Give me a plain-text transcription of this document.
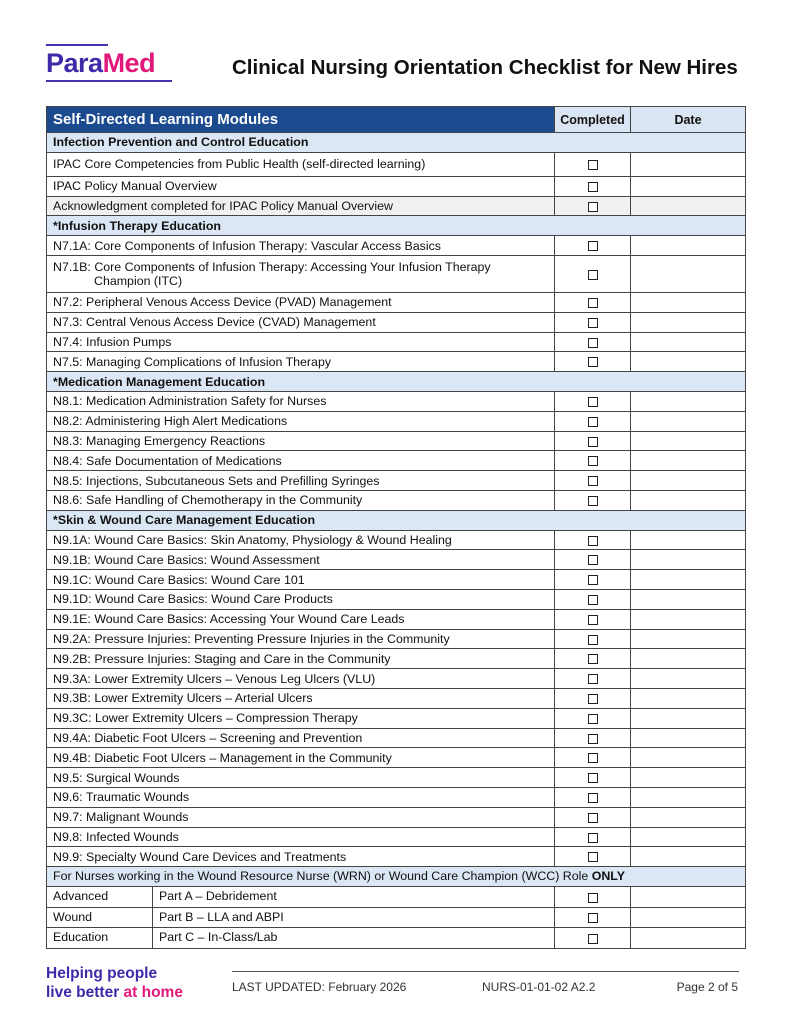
ParaMed	Clinical Nursing Orientation Checklist for New Hires
Self-Directed Learning Modules	Completed	Date
Infection Prevention and Control Education		
IPAC Core Competencies from Public Health (self-directed learning)		
IPAC Policy Manual Overview		
Acknowledgment completed for IPAC Policy Manual Overview		
*Infusion Therapy Education		
N7.1A: Core Components of Infusion Therapy: Vascular Access Basics		
N7.1B: Core Components of Infusion Therapy: Accessing Your Infusion Therapy
Champion (ITC)		

N7.2: Peripheral Venous Access Device (PVAD) Management		
N7.3: Central Venous Access Device (CVAD) Management		
N7.4: Infusion Pumps		
N7.5: Managing Complications of Infusion Therapy		
*Medication Management Education		
N8.1: Medication Administration Safety for Nurses		
N8.2: Administering High Alert Medications		
N8.3: Managing Emergency Reactions		
N8.4: Safe Documentation of Medications		
N8.5: Injections, Subcutaneous Sets and Prefilling Syringes		
N8.6: Safe Handling of Chemotherapy in the Community		
*Skin & Wound Care Management Education		
N9.1A: Wound Care Basics: Skin Anatomy, Physiology & Wound Healing		
N9.1B: Wound Care Basics: Wound Assessment		
N9.1C: Wound Care Basics: Wound Care 101		
N9.1D: Wound Care Basics: Wound Care Products		
N9.1E: Wound Care Basics: Accessing Your Wound Care Leads		
N9.2A: Pressure Injuries: Preventing Pressure Injuries in the Community		
N9.2B: Pressure Injuries: Staging and Care in the Community		
N9.3A: Lower Extremity Ulcers – Venous Leg Ulcers (VLU)		
N9.3B: Lower Extremity Ulcers – Arterial Ulcers		
N9.3C: Lower Extremity Ulcers – Compression Therapy		
N9.4A: Diabetic Foot Ulcers – Screening and Prevention		
N9.4B: Diabetic Foot Ulcers – Management in the Community		
N9.5: Surgical Wounds		
N9.6: Traumatic Wounds		
N9.7: Malignant Wounds		
N9.8: Infected Wounds		
N9.9: Specialty Wound Care Devices and Treatments		
For Nurses working in the Wound Resource Nurse (WRN) or Wound Care Champion (WCC) Role ONLY		

Advanced Part A – Debridement		

Wound Part B – LLA and ABPI		

Education Part C – In-Class/Lab		

Helping people
live better at home	LAST UPDATED: February 2026	NURS-01-01-02 A2.2	Page 2 of 5
